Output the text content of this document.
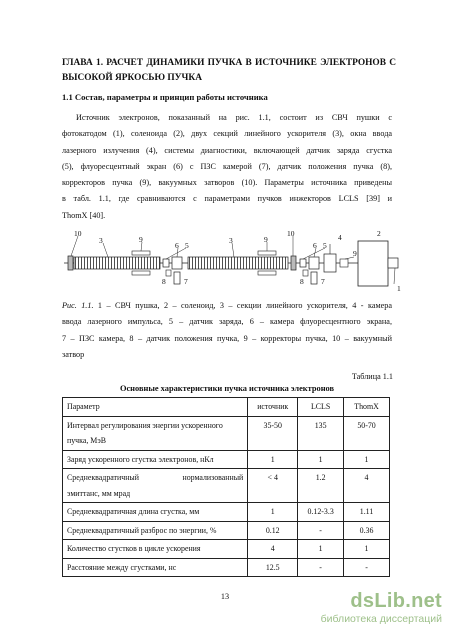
ГЛАВА 1. РАСЧЕТ ДИНАМИКИ ПУЧКА В ИСТОЧНИКЕ ЭЛЕКТРОНОВ С ВЫСОКОЙ ЯРКОСЬЮ ПУЧКА
1.1 Состав, параметры и принцип работы источника
Источник электронов, показанный на рис. 1.1, состоит из СВЧ пушки с
фотокатодом (1), соленоида (2), двух секций линейного ускорителя (3), окна ввода
лазерного излучения (4), системы диагностики, включающей датчик заряда сгустка
(5), флуоресцентный экран (6) с ПЗС камерой (7), датчик положения пучка (8),
корректоров пучка (9), вакуумных затворов (10). Параметры источника приведены
в табл. 1.1, где сравниваются с параметрами пучков инжекторов LCLS [39] и
ThomX [40].
10
3	9
6 5
8 7
3	9
10
6 5
4
9
8 7
2
1
Рис. 1.1. 1 – СВЧ пушка, 2 – соленоид, 3 – секции линейного ускорителя, 4 - камера
ввода лазерного импульса, 5 – датчик заряда, 6 – камера флуоресцентного экрана,
7 – ПЗС камера, 8 – датчик положения пучка, 9 – корректоры пучка, 10 – вакуумный
затвор
Таблица 1.1
Основные характеристики пучка источника электронов
Параметр	источник	LCLS	ThomX
Интервал регулирования энергии ускоренного
пучка, МэВ	35-50	135	50-70
Заряд ускоренного сгустка электронов, нКл	1	1	1

Среднеквадратичный нормализованный
эмиттанс, мм мрад	< 4	1.2	4
Среднеквадратичная длина сгустка, мм	1	0.12-3.3	1.11
Среднеквадратичный разброс по энергии, %	0.12	-	0.36
Количество сгустков в цикле ускорения	4	1	1
Расстояние между сгустками, нс	12.5	-	-
13	dsLib.net
библиотека диссертаций
